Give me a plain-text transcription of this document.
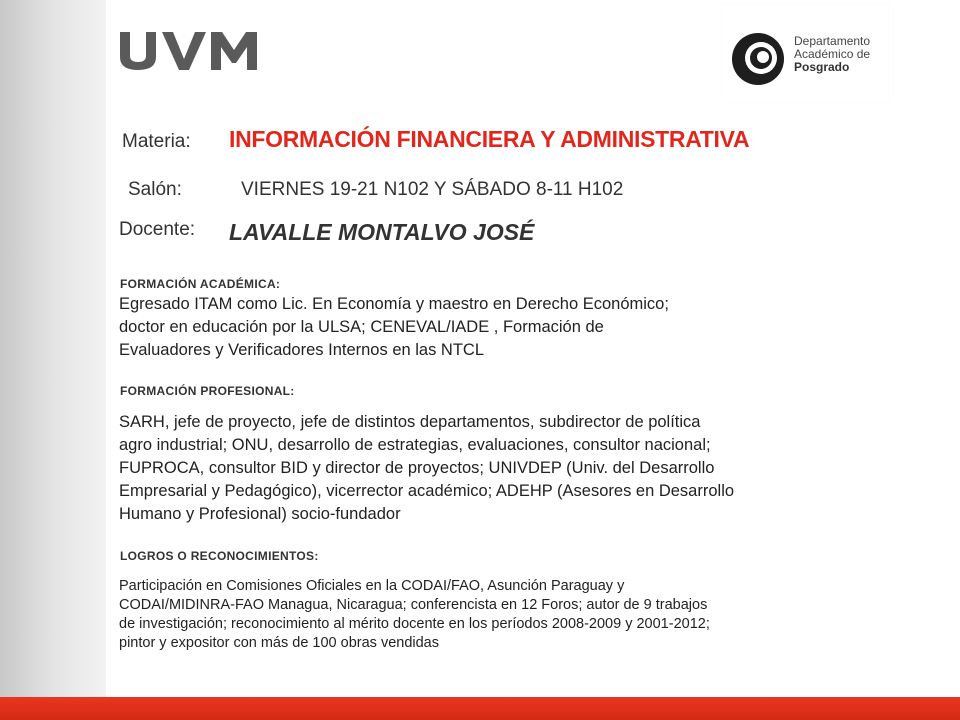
Departamento
Académico de
Posgrado
Materia: INFORMACIÓN FINANCIERA Y ADMINISTRATIVA
Salón:	VIERNES 19-21 N102 Y SÁBADO 8-11 H102
Docente: LAVALLE MONTALVO JOSÉ
FORMACIÓN ACADÉMICA:
Egresado ITAM como Lic. En Economía y maestro en Derecho Económico;
doctor en educación por la ULSA; CENEVAL/IADE , Formación de
Evaluadores y Verificadores Internos en las NTCL
FORMACIÓN PROFESIONAL:
SARH, jefe de proyecto, jefe de distintos departamentos, subdirector de política
agro industrial; ONU, desarrollo de estrategias, evaluaciones, consultor nacional;
FUPROCA, consultor BID y director de proyectos; UNIVDEP (Univ. del Desarrollo
Empresarial y Pedagógico), vicerrector académico; ADEHP (Asesores en Desarrollo
Humano y Profesional) socio-fundador
LOGROS O RECONOCIMIENTOS:
Participación en Comisiones Oficiales en la CODAI/FAO, Asunción Paraguay y
CODAI/MIDINRA-FAO Managua, Nicaragua; conferencista en 12 Foros; autor de 9 trabajos
de investigación; reconocimiento al mérito docente en los períodos 2008-2009 y 2001-2012;
pintor y expositor con más de 100 obras vendidas
